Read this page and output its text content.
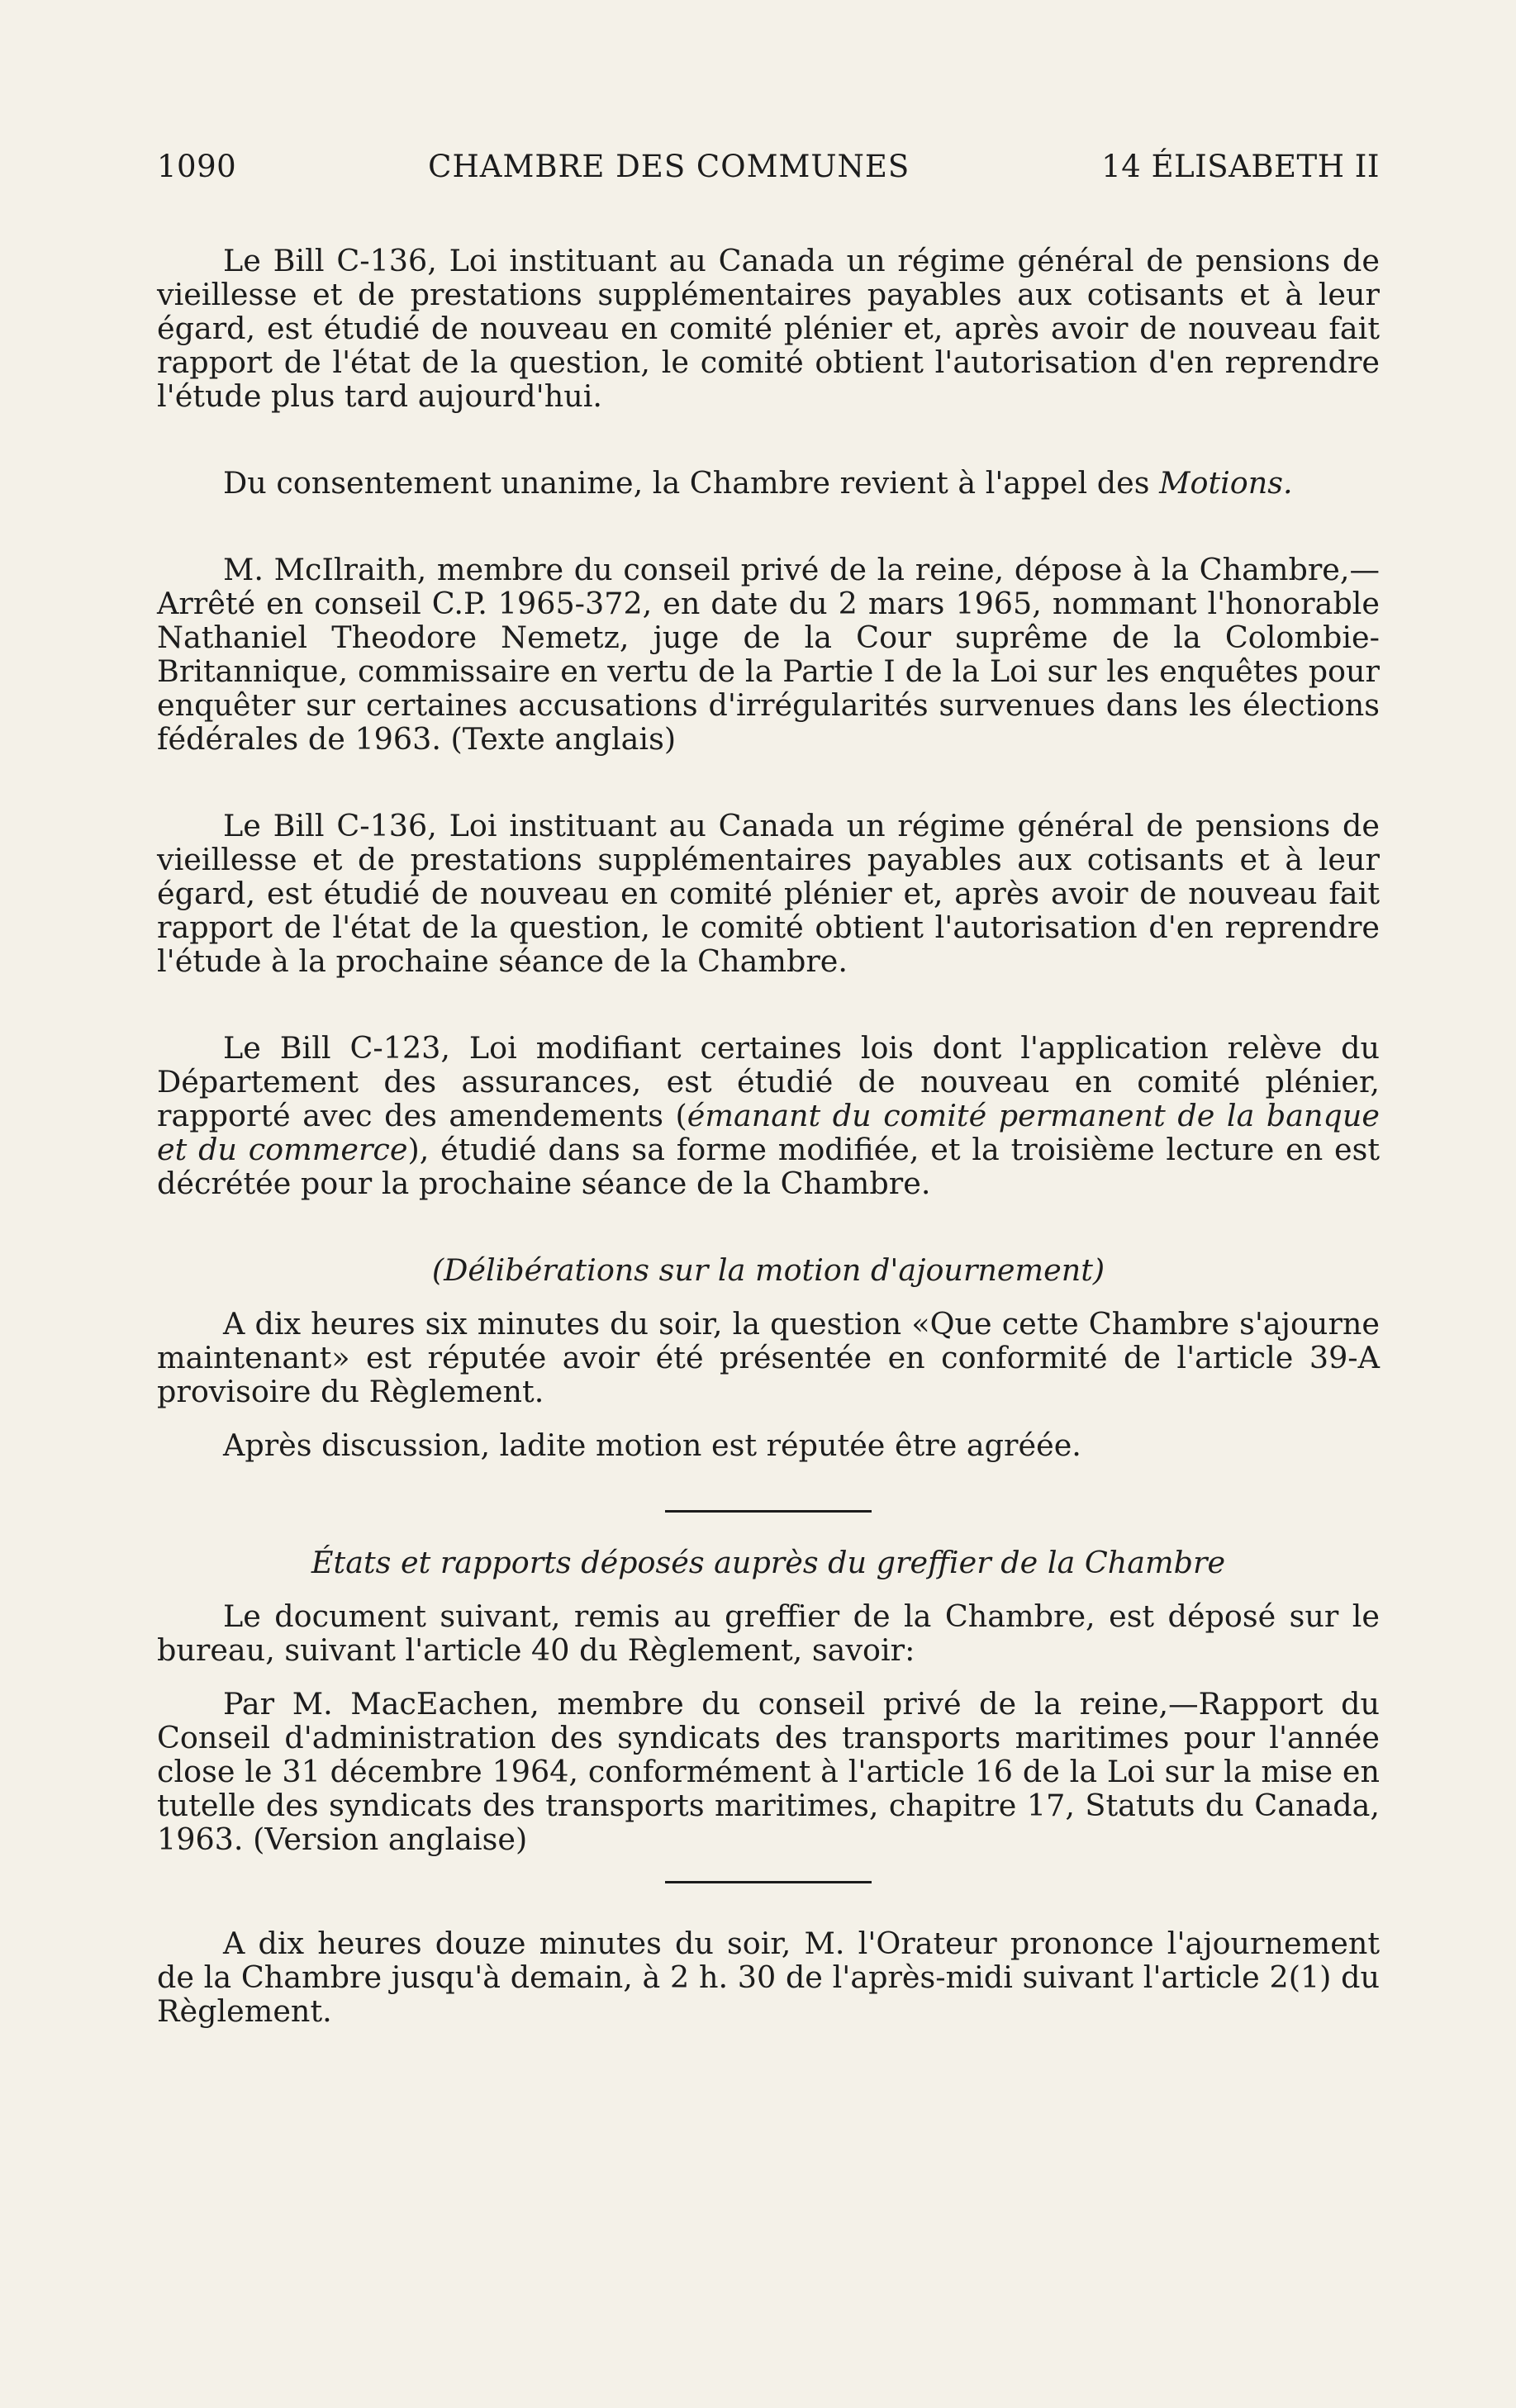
1090	CHAMBRE DES COMMUNES	14 ÉLISABETH II

Le Bill C-136, Loi instituant au Canada un régime général de pensions de vieillesse et de prestations supplémentaires payables aux cotisants et à leur égard, est étudié de nouveau en comité plénier et, après avoir de nouveau fait rapport de l'état de la question, le comité obtient l'autorisation d'en reprendre l'étude plus tard aujourd'hui.

Du consentement unanime, la Chambre revient à l'appel des Motions.

M. McIlraith, membre du conseil privé de la reine, dépose à la Chambre,— Arrêté en conseil C.P. 1965-372, en date du 2 mars 1965, nommant l'honorable Nathaniel Theodore Nemetz, juge de la Cour suprême de la Colombie-Britannique, commissaire en vertu de la Partie I de la Loi sur les enquêtes pour enquêter sur certaines accusations d'irrégularités survenues dans les élections fédérales de 1963. (Texte anglais)

Le Bill C-136, Loi instituant au Canada un régime général de pensions de vieillesse et de prestations supplémentaires payables aux cotisants et à leur égard, est étudié de nouveau en comité plénier et, après avoir de nouveau fait rapport de l'état de la question, le comité obtient l'autorisation d'en reprendre l'étude à la prochaine séance de la Chambre.

Le Bill C-123, Loi modifiant certaines lois dont l'application relève du Département des assurances, est étudié de nouveau en comité plénier, rapporté avec des amendements (émanant du comité permanent de la banque et du commerce), étudié dans sa forme modifiée, et la troisième lecture en est décrétée pour la prochaine séance de la Chambre.

(Délibérations sur la motion d'ajournement)

A dix heures six minutes du soir, la question «Que cette Chambre s'ajourne maintenant» est réputée avoir été présentée en conformité de l'article 39-A provisoire du Règlement.

Après discussion, ladite motion est réputée être agréée.

États et rapports déposés auprès du greffier de la Chambre

Le document suivant, remis au greffier de la Chambre, est déposé sur le bureau, suivant l'article 40 du Règlement, savoir:

Par M. MacEachen, membre du conseil privé de la reine,—Rapport du Conseil d'administration des syndicats des transports maritimes pour l'année close le 31 décembre 1964, conformément à l'article 16 de la Loi sur la mise en tutelle des syndicats des transports maritimes, chapitre 17, Statuts du Canada, 1963. (Version anglaise)

A dix heures douze minutes du soir, M. l'Orateur prononce l'ajournement de la Chambre jusqu'à demain, à 2 h. 30 de l'après-midi suivant l'article 2(1) du Règlement.
